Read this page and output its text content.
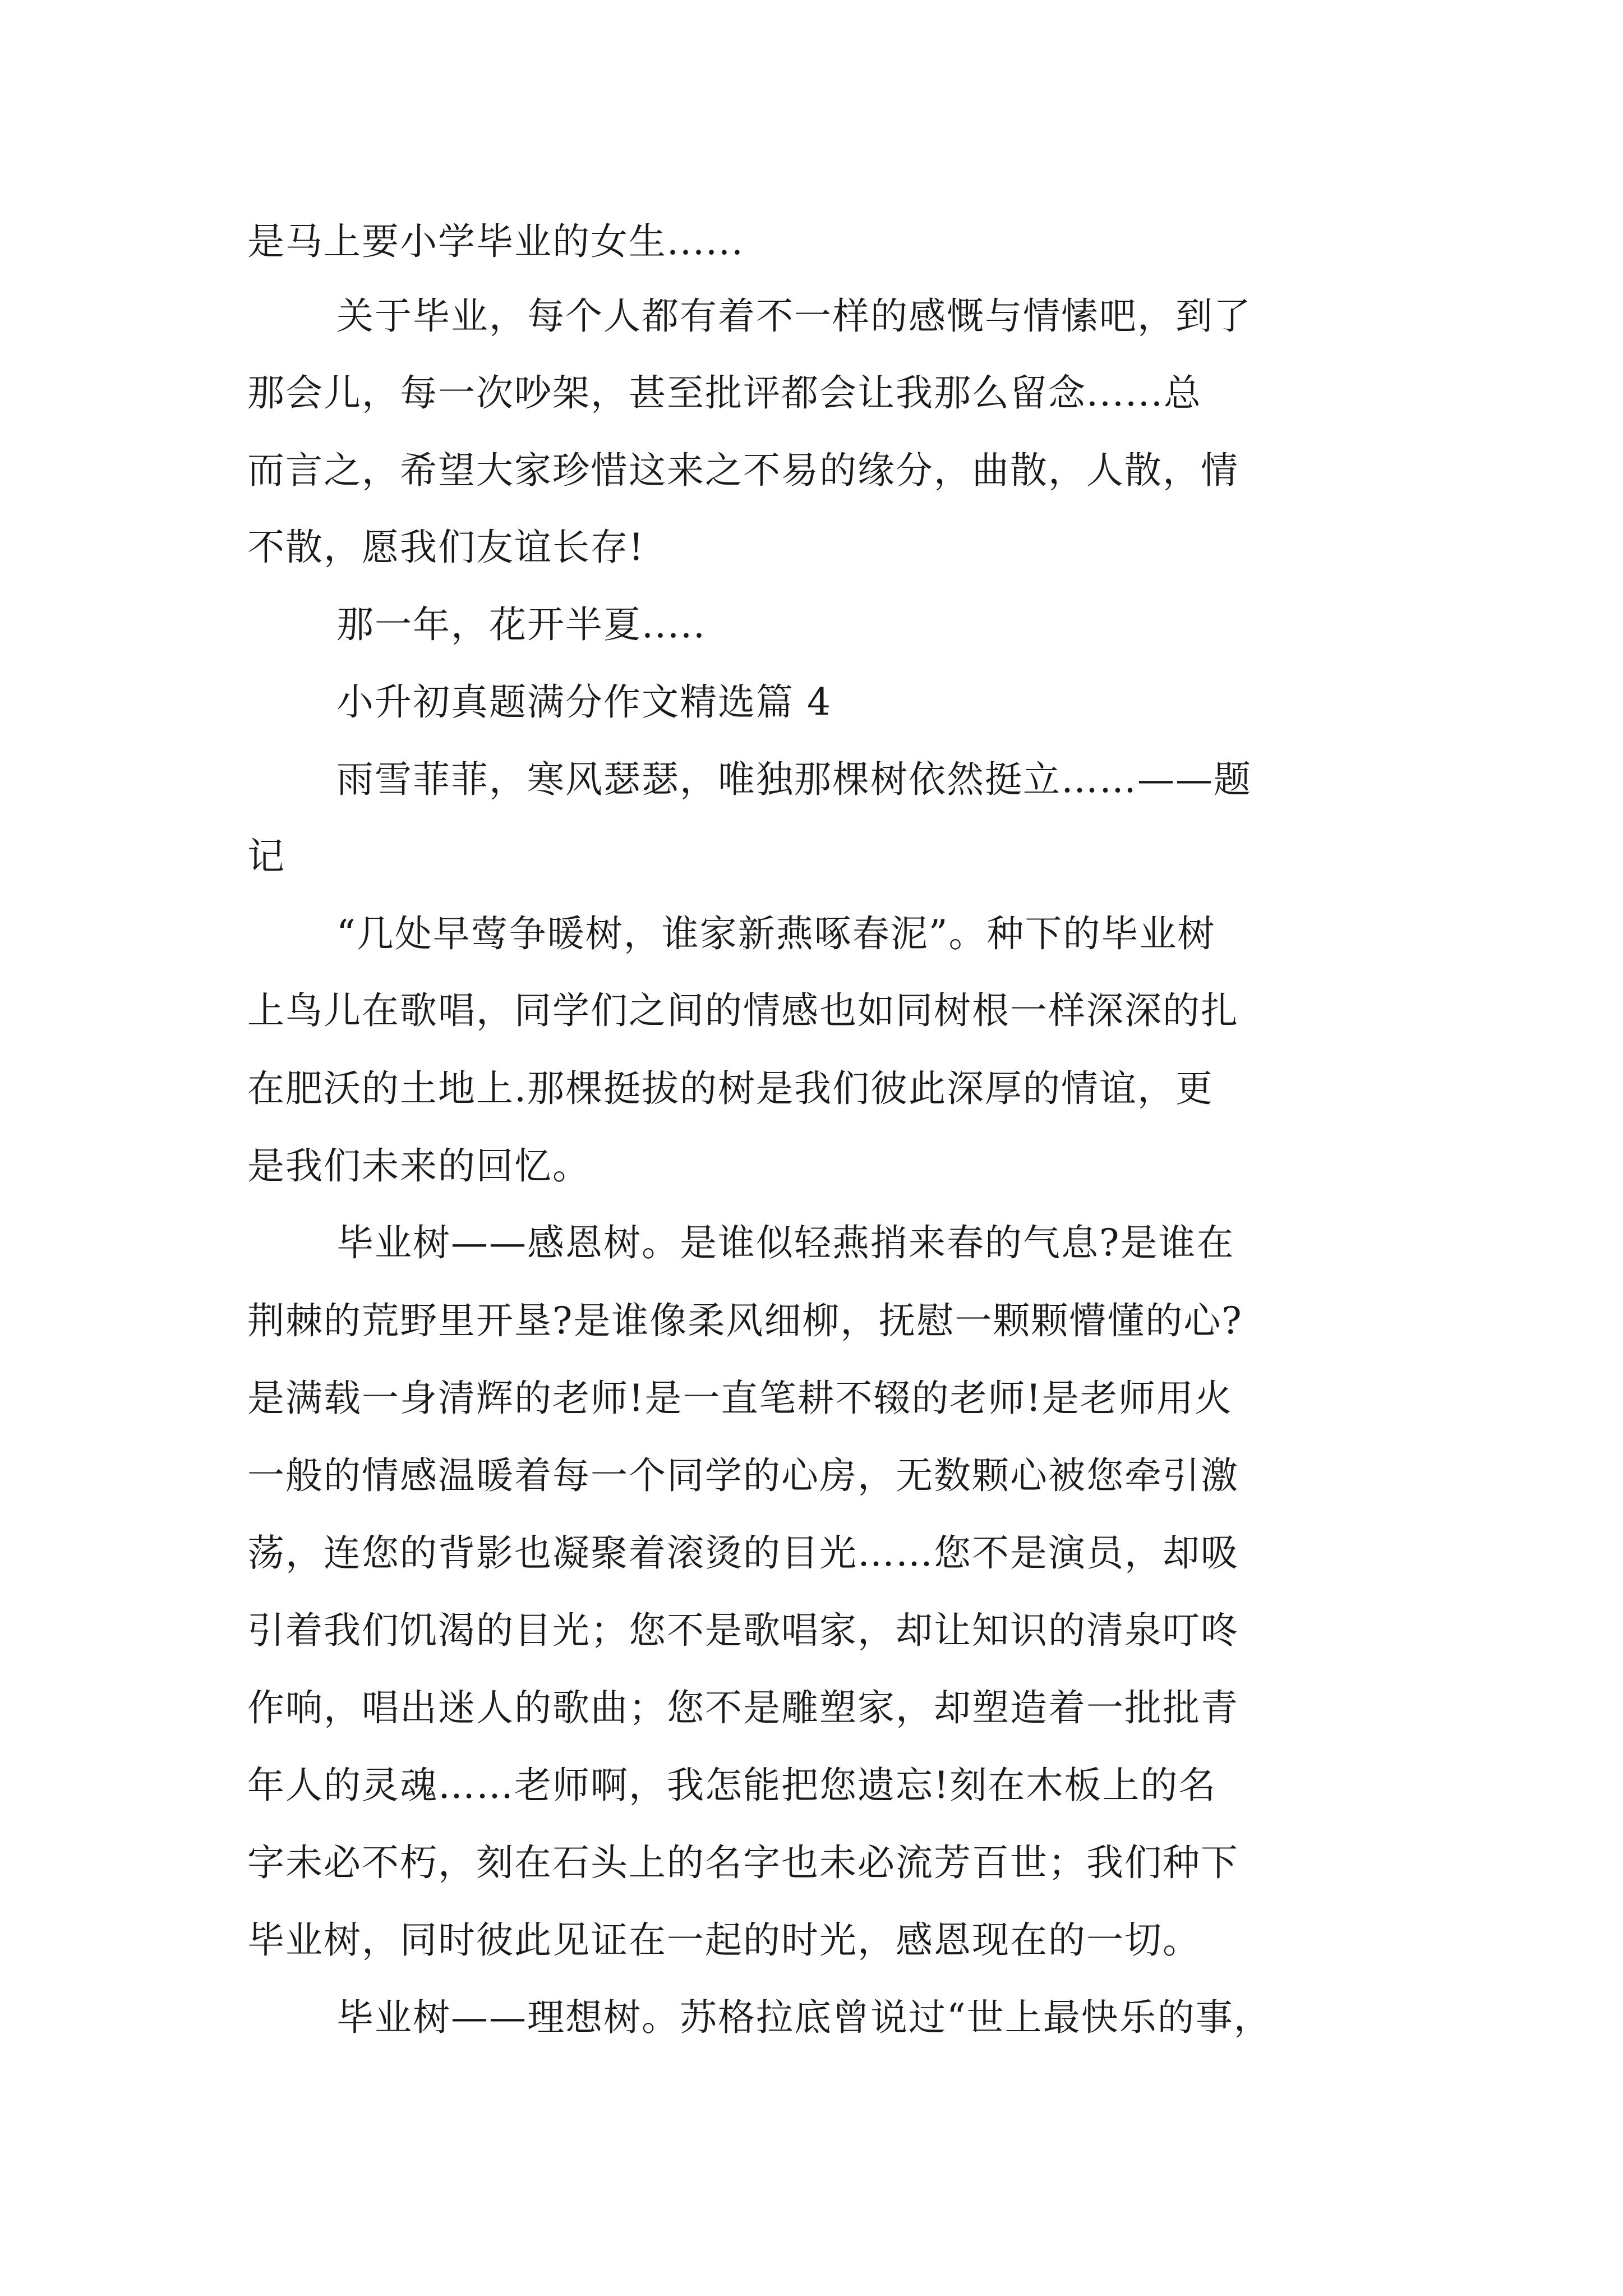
是马上要小学毕业的女生......
关于毕业，每个人都有着不一样的感慨与情愫吧，到了
那会儿，每一次吵架，甚至批评都会让我那么留念......总
而言之，希望大家珍惜这来之不易的缘分，曲散，人散，情
不散，愿我们友谊长存!
那一年，花开半夏.....
小升初真题满分作文精选篇 4
雨雪菲菲，寒风瑟瑟，唯独那棵树依然挺立……——题
记
“几处早莺争暖树，谁家新燕啄春泥”。种下的毕业树
上鸟儿在歌唱，同学们之间的情感也如同树根一样深深的扎
在肥沃的土地上.那棵挺拔的树是我们彼此深厚的情谊，更
是我们未来的回忆。
毕业树——感恩树。是谁似轻燕捎来春的气息?是谁在
荆棘的荒野里开垦?是谁像柔风细柳，抚慰一颗颗懵懂的心?
是满载一身清辉的老师!是一直笔耕不辍的老师!是老师用火
一般的情感温暖着每一个同学的心房，无数颗心被您牵引激
荡，连您的背影也凝聚着滚烫的目光……您不是演员，却吸
引着我们饥渴的目光；您不是歌唱家，却让知识的清泉叮咚
作响，唱出迷人的歌曲；您不是雕塑家，却塑造着一批批青
年人的灵魂……老师啊，我怎能把您遗忘!刻在木板上的名
字未必不朽，刻在石头上的名字也未必流芳百世；我们种下
毕业树，同时彼此见证在一起的时光，感恩现在的一切。
毕业树——理想树。苏格拉底曾说过“世上最快乐的事，
